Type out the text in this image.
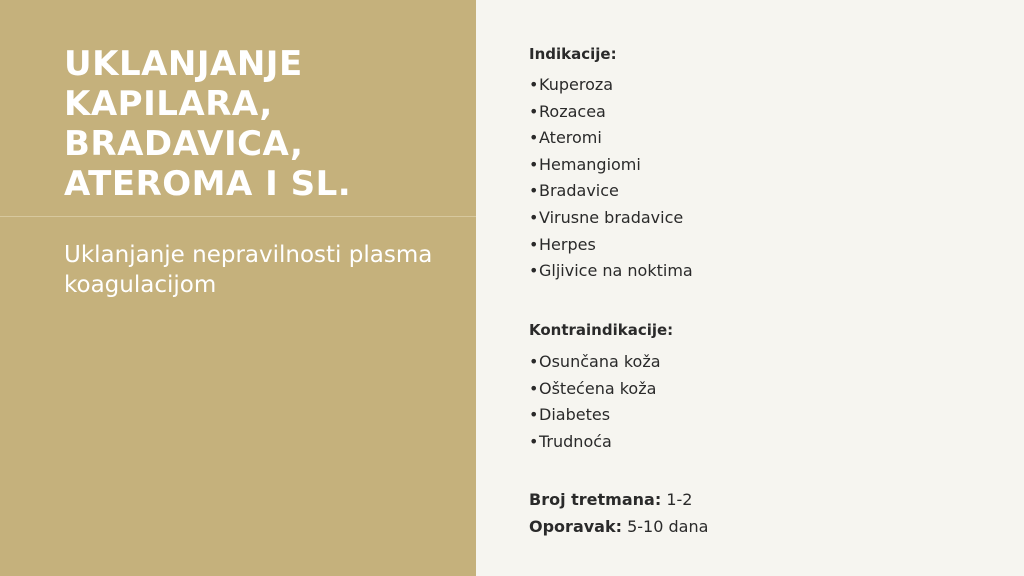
UKLANJANJE
KAPILARA,
BRADAVICA,
ATEROMA I SL.

Uklanjanje nepravilnosti plasma koagulacijom

Indikacije:
•Kuperoza
•Rozacea
•Ateromi
•Hemangiomi
•Bradavice
•Virusne bradavice
•Herpes
•Gljivice na noktima
Kontraindikacije:
•Osunčana koža
•Oštećena koža
•Diabetes
•Trudnoća

Broj tretmana: 1-2

Oporavak: 5-10 dana
